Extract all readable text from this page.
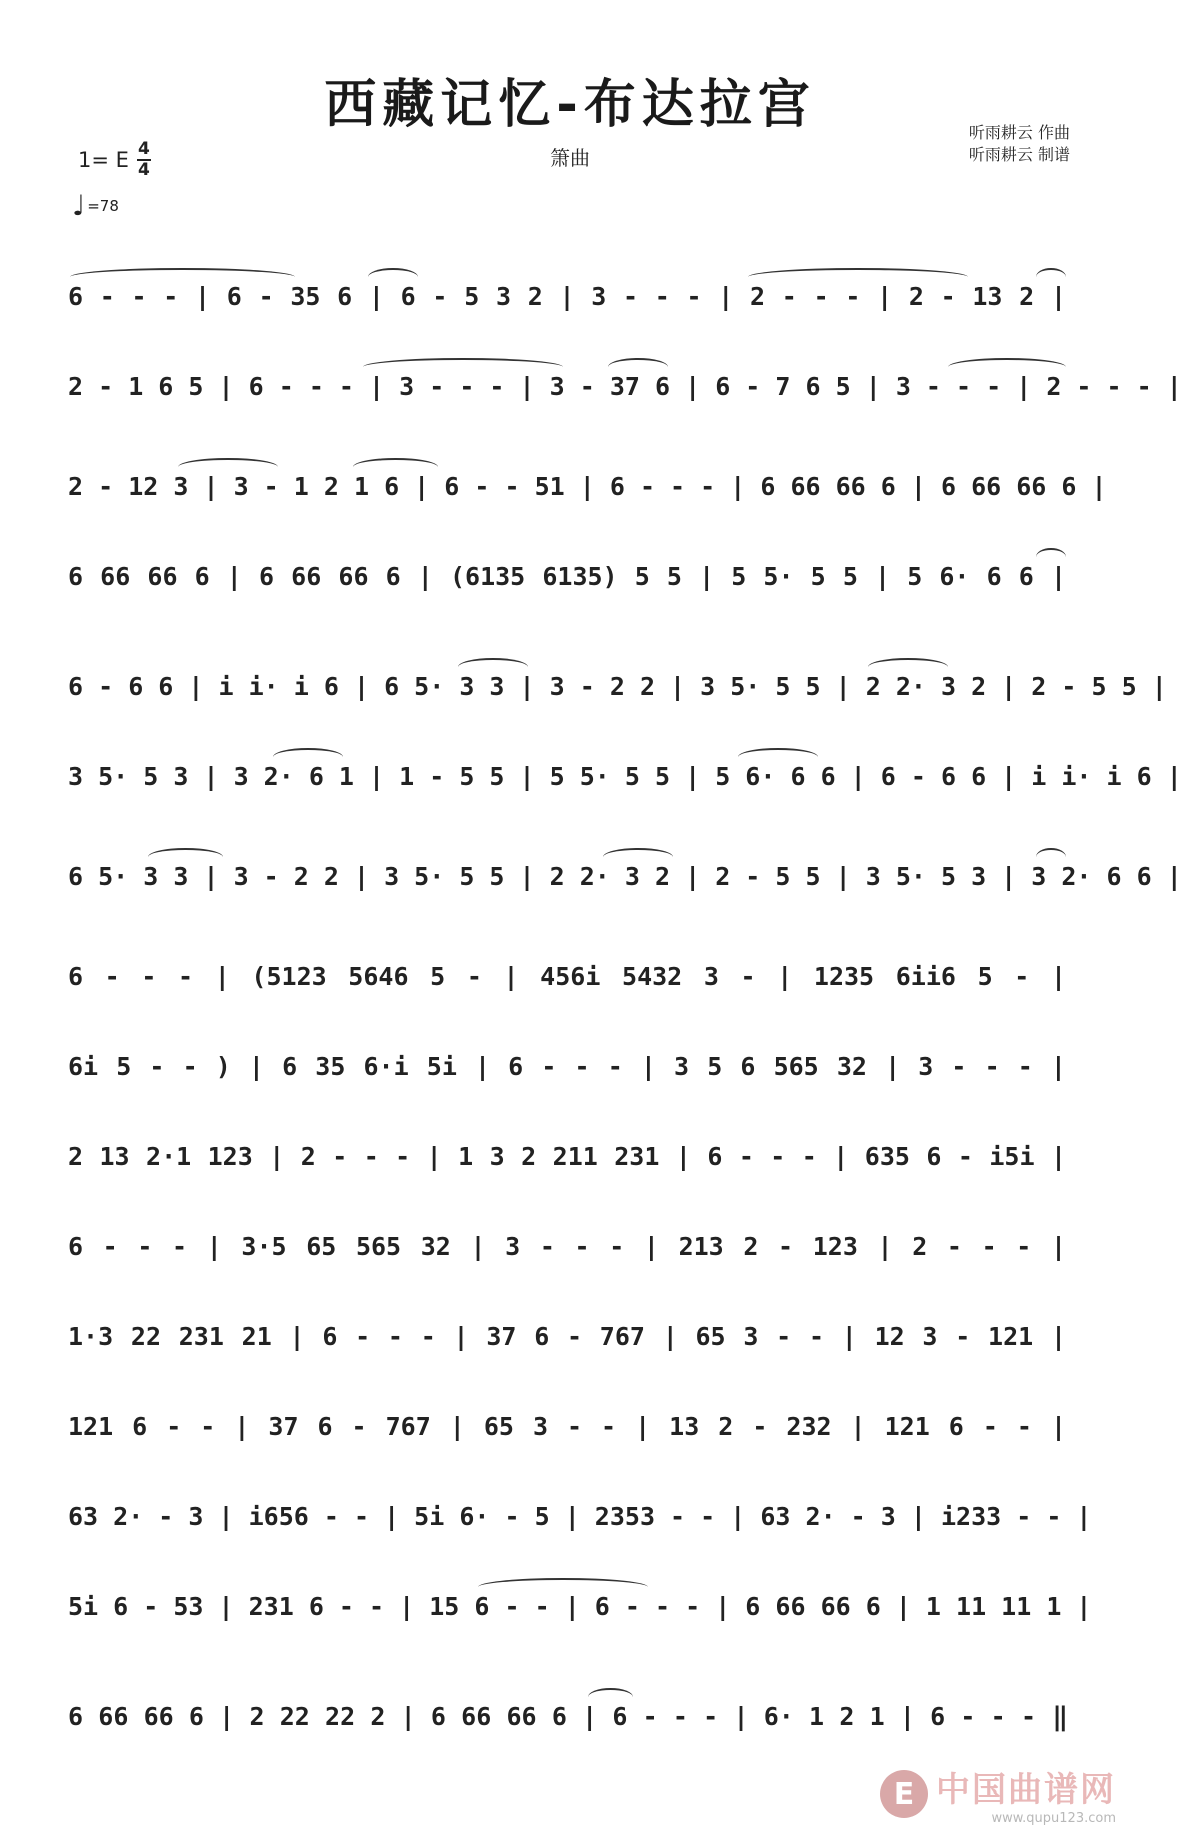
西藏记忆-布达拉宫
箫曲
听雨耕云 作曲
听雨耕云 制谱
1= E $\frac{4}{4}$
♩ =78
6 - - - | 6 - 35 6 | 6 - 5 3 2 | 3 - - - | 2 - - - | 2 - 13 2 |
2 - 1 6 5 | 6 - - - | 3 - - - | 3 - 37 6 | 6 - 7 6 5 | 3 - - - | 2 - - - |
2 - 12 3 | 3 - 1 2 1 6 | 6 - - 51 | 6 - - - | 6 66 66 6 | 6 66 66 6 |
6 66 66 6 | 6 66 66 6 | (6135 6135) 5 5 | 5 5· 5 5 | 5 6· 6 6 |
6 - 6 6 | i i· i 6 | 6 5· 3 3 | 3 - 2 2 | 3 5· 5 5 | 2 2· 3 2 | 2 - 5 5 |
3 5· 5 3 | 3 2· 6 1 | 1 - 5 5 | 5 5· 5 5 | 5 6· 6 6 | 6 - 6 6 | i i· i 6 |
6 5· 3 3 | 3 - 2 2 | 3 5· 5 5 | 2 2· 3 2 | 2 - 5 5 | 3 5· 5 3 | 3 2· 6 6 |
6 - - - | (5123 5646 5 - | 456i 5432 3 - | 1235 6ii6 5 - |
6i 5 - - ) | 6 35 6·i 5i | 6 - - - | 3 5 6 565 32 | 3 - - - |
2 13 2·1 123 | 2 - - - | 1 3 2 211 231 | 6 - - - | 635 6 - i5i |
6 - - - | 3·5 65 565 32 | 3 - - - | 213 2 - 123 | 2 - - - |
1·3 22 231 21 | 6 - - - | 37 6 - 767 | 65 3 - - | 12 3 - 121 |
121 6 - - | 37 6 - 767 | 65 3 - - | 13 2 - 232 | 121 6 - - |
63 2· - 3 | i656 - - | 5i 6· - 5 | 2353 - - | 63 2· - 3 | i233 - - |
5i 6 - 53 | 231 6 - - | 15 6 - - | 6 - - - | 6 66 66 6 | 1 11 11 1 |
6 66 66 6 | 2 22 22 2 | 6 66 66 6 | 6 - - - | 6· 1 2 1 | 6 - - - ‖
E 中国曲谱网
www.qupu123.com
